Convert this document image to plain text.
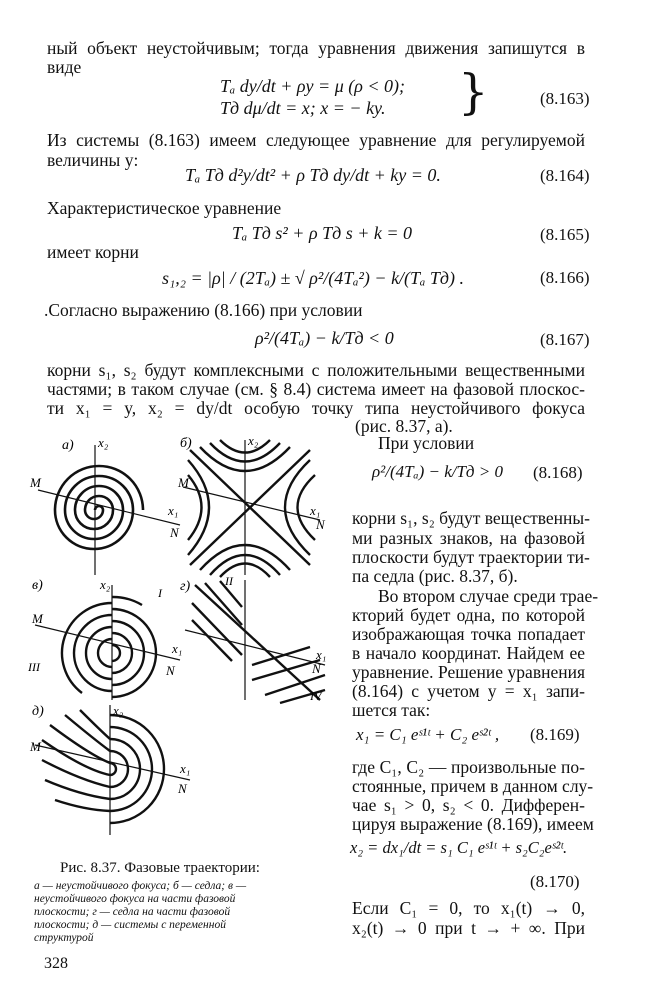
ный объект неустойчивым; тогда уравнения движения запишутся в
виде	}
Tₐ dy/dt + ρy = μ (ρ < 0);
Tд dμ/dt = x; x = − ky.	(8.163)
Из системы (8.163) имеем следующее уравнение для регулируемой
величины y:
Tₐ Tд d²y/dt² + ρ Tд dy/dt + ky = 0.	(8.164)
Характеристическое уравнение
Tₐ Tд s² + ρ Tд s + k = 0	(8.165)
имеет корни
s₁,₂ = |ρ| / (2Tₐ) ± √ ρ²/(4Tₐ²) − k/(Tₐ Tд) .	(8.166)
.Согласно выражению (8.166) при условии
ρ²/(4Tₐ) − k/Tд < 0	(8.167)
корни s₁, s₂ будут комплексными с положительными вещественными
частями; в таком случае (см. § 8.4) система имеет на фазовой плоскос-
ти x₁ = y, x₂ = dy/dt особую точку типа неустойчивого фокуса
(рис. 8.37, а).
При условии
ρ²/(4Tₐ) − k/Tд > 0 (8.168)
корни s₁, s₂ будут вещественны-
ми разных знаков, на фазовой
плоскости будут траектории ти-
па седла (рис. 8.37, б).
Во втором случае среди трае-
кторий будет одна, по которой
изображающая точка попадает
в начало координат. Найдем ее
уравнение. Решение уравнения
(8.164) с учетом y = x₁ запи-
шется так:
x₁ = C₁ eˢ¹ᵗ + C₂ eˢ²ᵗ , (8.169)
где C₁, C₂ — произвольные по-
стоянные, причем в данном слу-
чае s₁ > 0, s₂ < 0. Дифферен-
цируя выражение (8.169), имеем
x₂ = dx₁/dt = s₁ C₁ eˢ¹ᵗ + s₂C₂eˢ²ᵗ.
(8.170)
Если C₁ = 0, то x₁(t) → 0,
x₂(t) → 0 при t → + ∞. При
а) x₂
x₁
M
N
б)	x₂
x₁
M
N
в)	x₂
x₁
M
N
I
III
г)	II
x₁
N
IV
д)	x₂
x₁
M
N
Рис. 8.37. Фазовые траектории:
а — неустойчивого фокуса; б — седла; в —
неустойчивого фокуса на части фазовой
плоскости; г — седла на части фазовой
плоскости; д — системы с переменной
структурой
328
